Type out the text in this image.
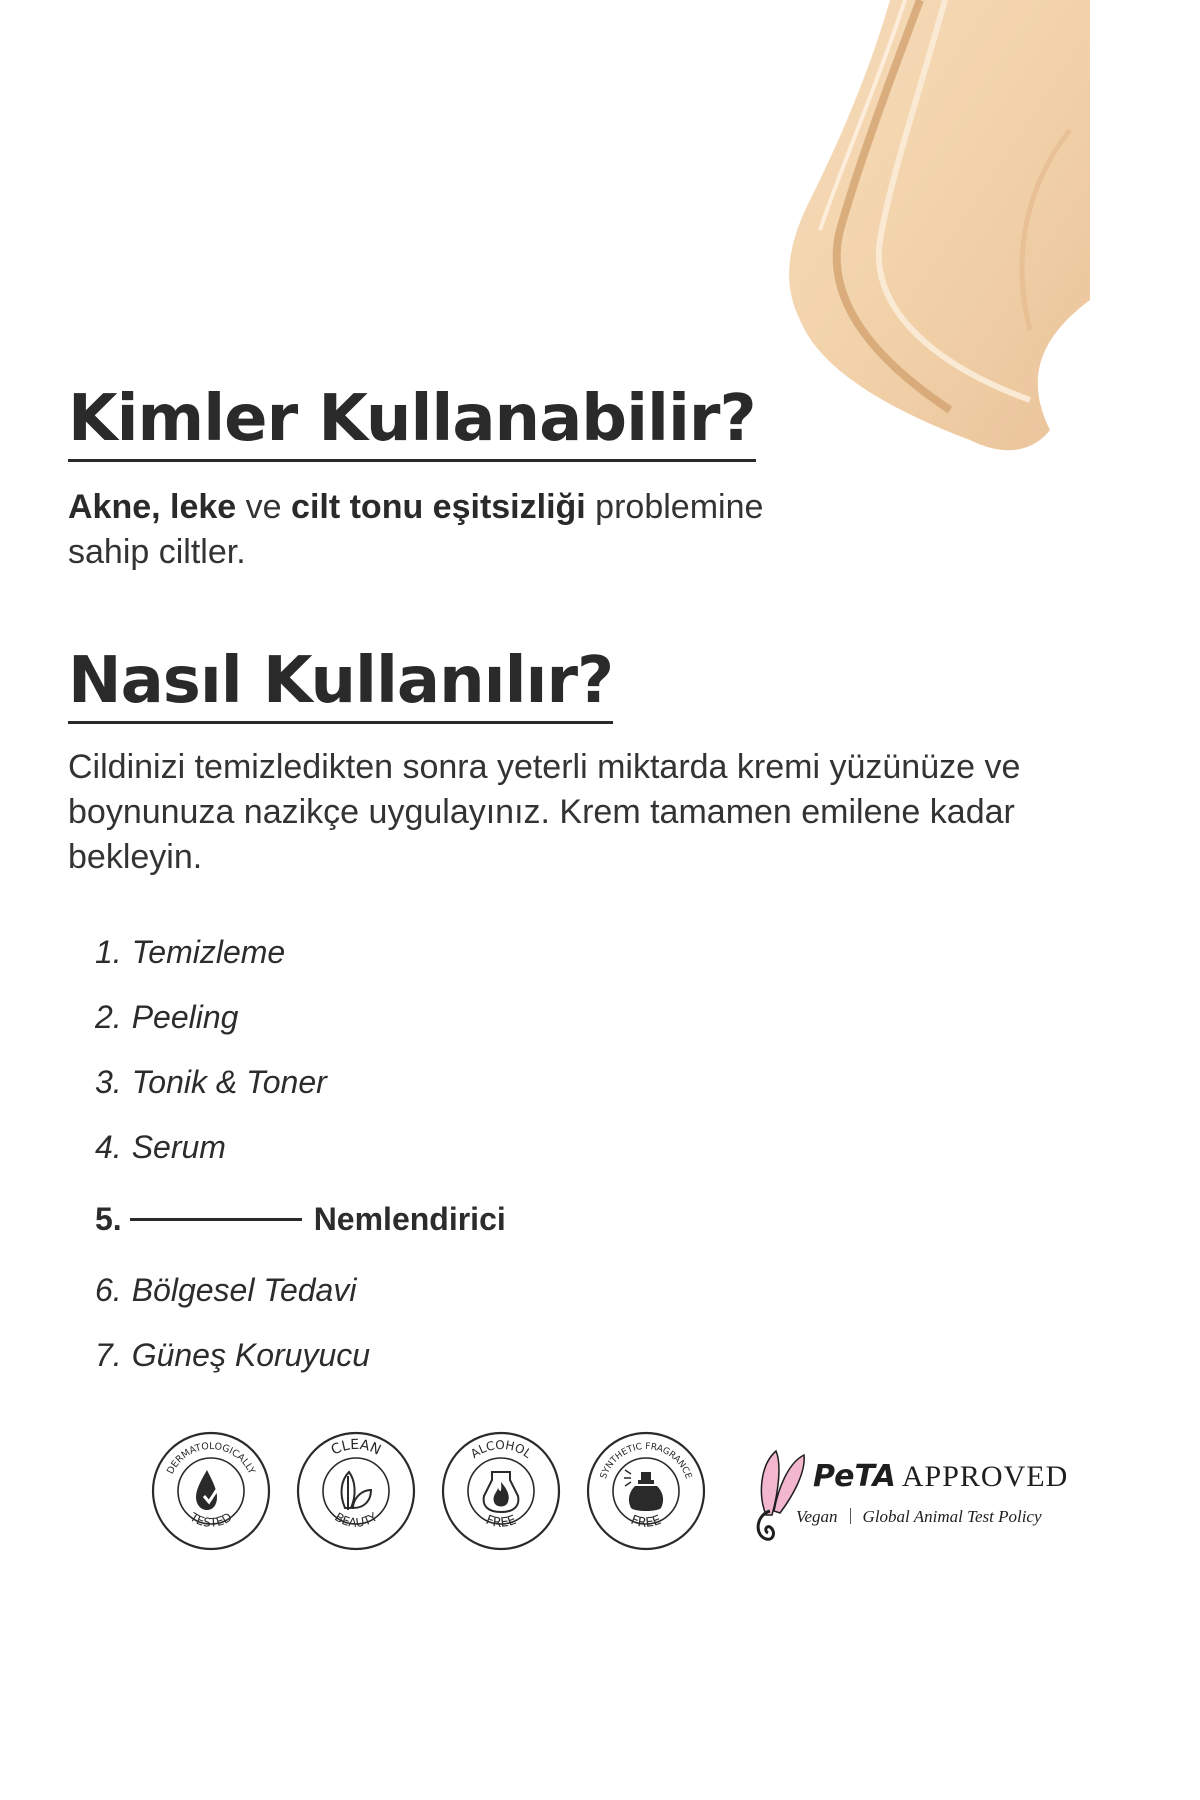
Kimler Kullanabilir?

Akne, leke ve cilt tonu eşitsizliği problemine sahip ciltler.

Nasıl Kullanılır?

Cildinizi temizledikten sonra yeterli miktarda kremi yüzünüze ve boynunuza nazikçe uygulayınız. Krem tamamen emilene kadar bekleyin.

1. Temizleme
2. Peeling
3. Tonik & Toner
4. Serum
5.	Nemlendirici
6. Bölgesel Tedavi
7. Güneş Koruyucu
DERMATOLOGICALLY
TESTED
CLEAN
BEAUTY
ALCOHOL
FREE
SYNTHETIC FRAGRANCE
FREE
PeTA APPROVED
Vegan Global Animal Test Policy
